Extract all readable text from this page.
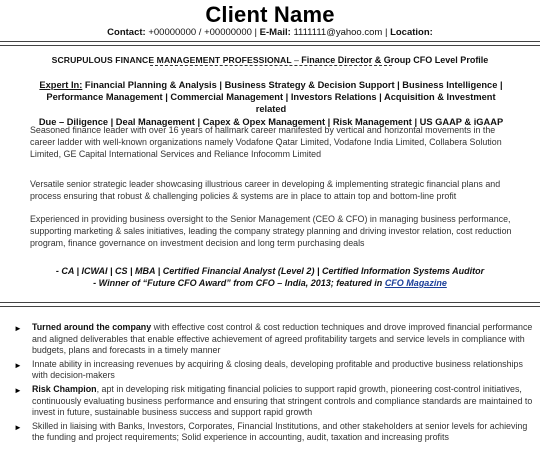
Client Name
Contact: +00000000 / +00000000 | E-Mail: 1111111@yahoo.com | Location:
SCRUPULOUS FINANCE MANAGEMENT PROFESSIONAL – Finance Director & Group CFO Level Profile
Expert In: Financial Planning & Analysis | Business Strategy & Decision Support | Business Intelligence |
Performance Management | Commercial Management | Investors Relations | Acquisition & Investment related
Due – Diligence | Deal Management | Capex & Opex Management | Risk Management | US GAAP & iGAAP
Seasoned finance leader with over 16 years of hallmark career manifested by vertical and horizontal movements in the career ladder with well-known organizations namely Vodafone Qatar Limited, Vodafone India Limited, Collabera Solution Limited, GE Capital International Services and Reliance Infocomm Limited
Versatile senior strategic leader showcasing illustrious career in developing & implementing strategic financial plans and process ensuring that robust & challenging policies & systems are in place to attain top and bottom-line profit
Experienced in providing business oversight to the Senior Management (CEO & CFO) in managing business performance, supporting marketing & sales initiatives, leading the company strategy planning and driving investor relation, cost reduction program, finance governance on investment decision and long term purchasing deals
- CA | ICWAI | CS | MBA | Certified Financial Analyst (Level 2) | Certified Information Systems Auditor
- Winner of “Future CFO Award” from CFO – India, 2013; featured in CFO Magazine
► Turned around the company with effective cost control & cost reduction techniques and drove improved financial performance and aligned deliverables that enable effective achievement of agreed profitability targets and service levels in compliance with budgets, plans and forecasts in a timely manner
► Innate ability in increasing revenues by acquiring & closing deals, developing profitable and productive business relationships with decision-makers
► Risk Champion, apt in developing risk mitigating financial policies to support rapid growth, pioneering cost-control initiatives, continuously evaluating business performance and ensuring that stringent controls and compliance standards are maintained to invest in future, sustainable business success and support rapid growth
► Skilled in liaising with Banks, Investors, Corporates, Financial Institutions, and other stakeholders at senior levels for achieving the funding and project requirements; Solid experience in accounting, audit, taxation and increasing profits
